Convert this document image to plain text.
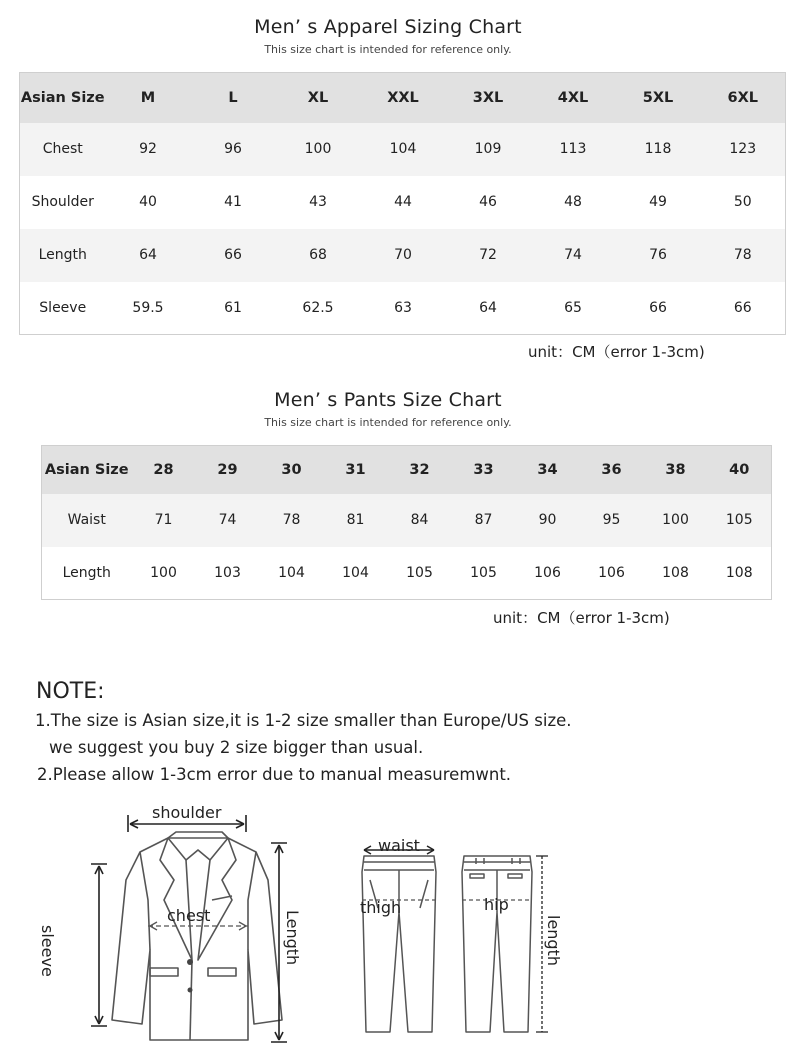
Men’ s Apparel Sizing Chart
This size chart is intended for reference only.
Asian Size	M	L	XL	XXL	3XL	4XL	5XL	6XL
Chest	92	96	100	104	109	113	118	123
Shoulder	40	41	43	44	46	48	49	50
Length	64	66	68	70	72	74	76	78
Sleeve	59.5	61	62.5	63	64	65	66	66
unit：CM（error 1-3cm)
Men’ s Pants Size Chart
This size chart is intended for reference only.
Asian Size	28	29	30	31	32	33	34	36	38	40
Waist	71	74	78	81	84	87	90	95	100	105
Length	100	103	104	104	105	105	106	106	108	108
unit：CM（error 1-3cm)
NOTE:
1.The size is Asian size,it is 1-2 size smaller than Europe/US size.
we suggest you buy 2 size bigger than usual.
2.Please allow 1-3cm error due to manual measuremwnt.
shoulder
chest
sleeve	Length
waist
thigh	hip
length
